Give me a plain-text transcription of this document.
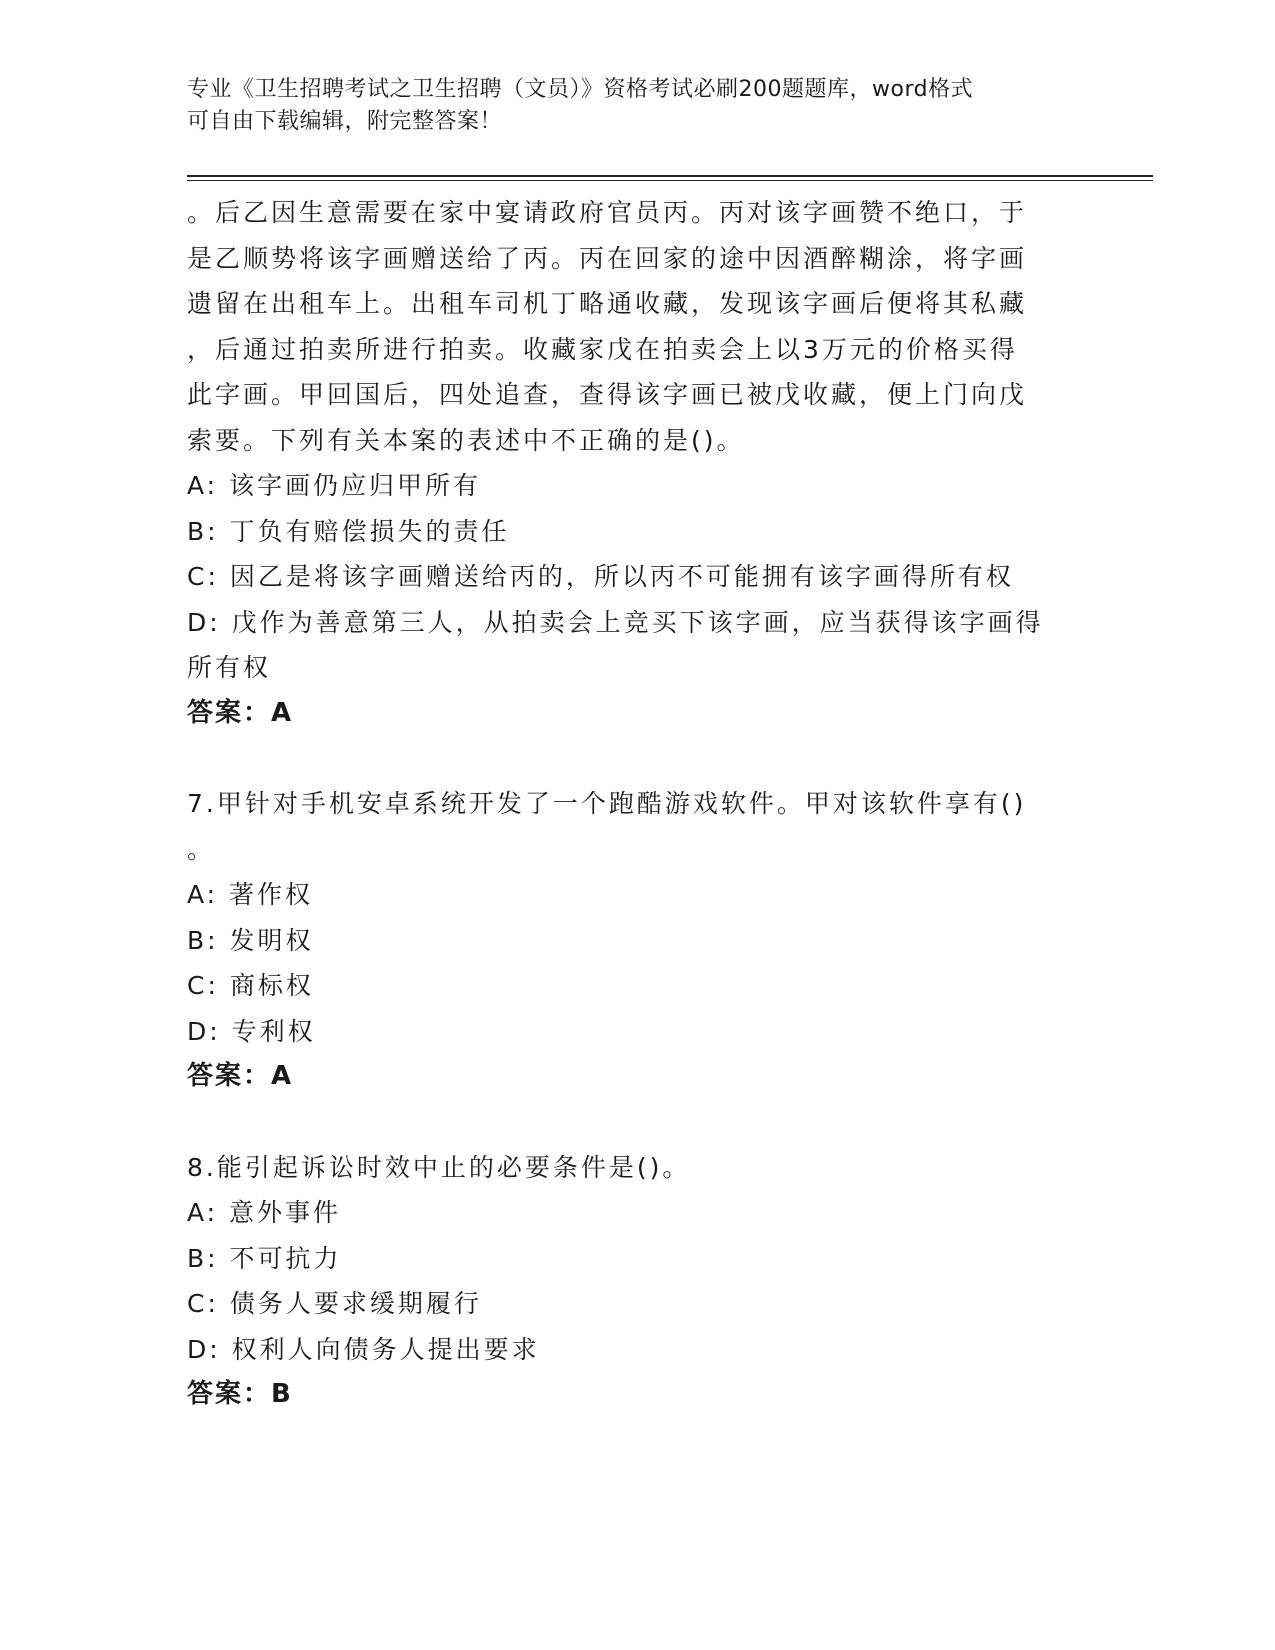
专业《卫生招聘考试之卫生招聘（文员）》资格考试必刷200题题库，word格式
可自由下载编辑，附完整答案！
。后乙因生意需要在家中宴请政府官员丙。丙对该字画赞不绝口，于
是乙顺势将该字画赠送给了丙。丙在回家的途中因酒醉糊涂，将字画
遗留在出租车上。出租车司机丁略通收藏，发现该字画后便将其私藏
，后通过拍卖所进行拍卖。收藏家戊在拍卖会上以3万元的价格买得
此字画。甲回国后，四处追查，查得该字画已被戊收藏，便上门向戊
索要。下列有关本案的表述中不正确的是()。
A: 该字画仍应归甲所有
B: 丁负有赔偿损失的责任
C: 因乙是将该字画赠送给丙的，所以丙不可能拥有该字画得所有权
D: 戊作为善意第三人，从拍卖会上竞买下该字画，应当获得该字画得
所有权
答案：A
7.甲针对手机安卓系统开发了一个跑酷游戏软件。甲对该软件享有()
。
A: 著作权
B: 发明权
C: 商标权
D: 专利权
答案：A
8.能引起诉讼时效中止的必要条件是()。
A: 意外事件
B: 不可抗力
C: 债务人要求缓期履行
D: 权利人向债务人提出要求
答案：B
